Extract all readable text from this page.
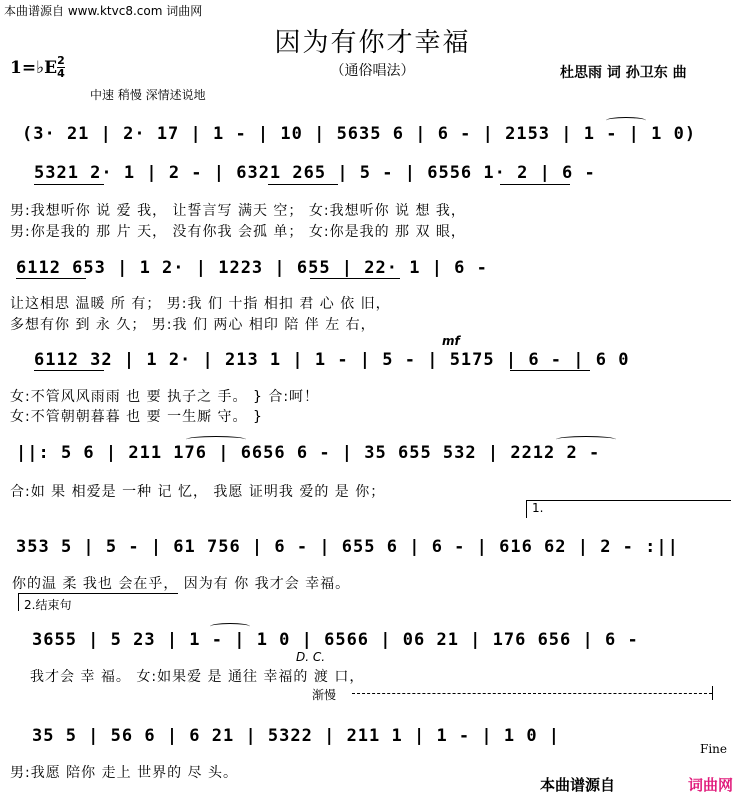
本曲谱源自 www.ktvc8.com 词曲网
因为有你才幸福
（通俗唱法）
1=♭E 2
4	杜思雨 词 孙卫东 曲
中速 稍慢 深情述说地
(3· 21 | 2· 17 | 1 - | 10 | 5635 6 | 6 - | 2153 | 1 - | 1 0)
5321 2· 1 | 2 - | 6321 265 | 5 - | 6556 1· 2 | 6 -
男:我想听你 说 爱 我， 让誓言写 满天 空； 女:我想听你 说 想 我，
男:你是我的 那 片 天， 没有你我 会孤 单； 女:你是我的 那 双 眼，
6112 653 | 1 2· | 1223 | 655 | 22· 1 | 6 -
让这相思 温暖 所 有； 男:我 们 十指 相扣 君 心 依 旧，
多想有你 到 永 久； 男:我 们 两心 相印 陪 伴 左 右，
6112 32 | 1 2· | 213 1 | 1 - | 5 - | 5175 | 6 - | 6 0
mf
女:不管风风雨雨 也 要 执子之 手。 } 合:呵！
女:不管朝朝暮暮 也 要 一生厮 守。 }
||: 5 6 | 211 176 | 6656 6 - | 35 655 532 | 2212 2 -
合:如 果 相爱是 一种 记 忆， 我愿 证明我 爱的 是 你；
1.
353 5 | 5 - | 61 756 | 6 - | 655 6 | 6 - | 616 62 | 2 - :||
你的温 柔 我也 会在乎， 因为有 你 我才会 幸福。
2.结束句
3655 | 5 23 | 1 - | 1 0 | 6566 | 06 21 | 176 656 | 6 -
D. C.
我才会 幸 福。 女:如果爱 是 通往 幸福的 渡 口，
渐慢
35 5 | 56 6 | 6 21 | 5322 | 211 1 | 1 - | 1 0 |
Fine
男:我愿 陪你 走上 世界的 尽 头。
本曲谱源自	词曲网
